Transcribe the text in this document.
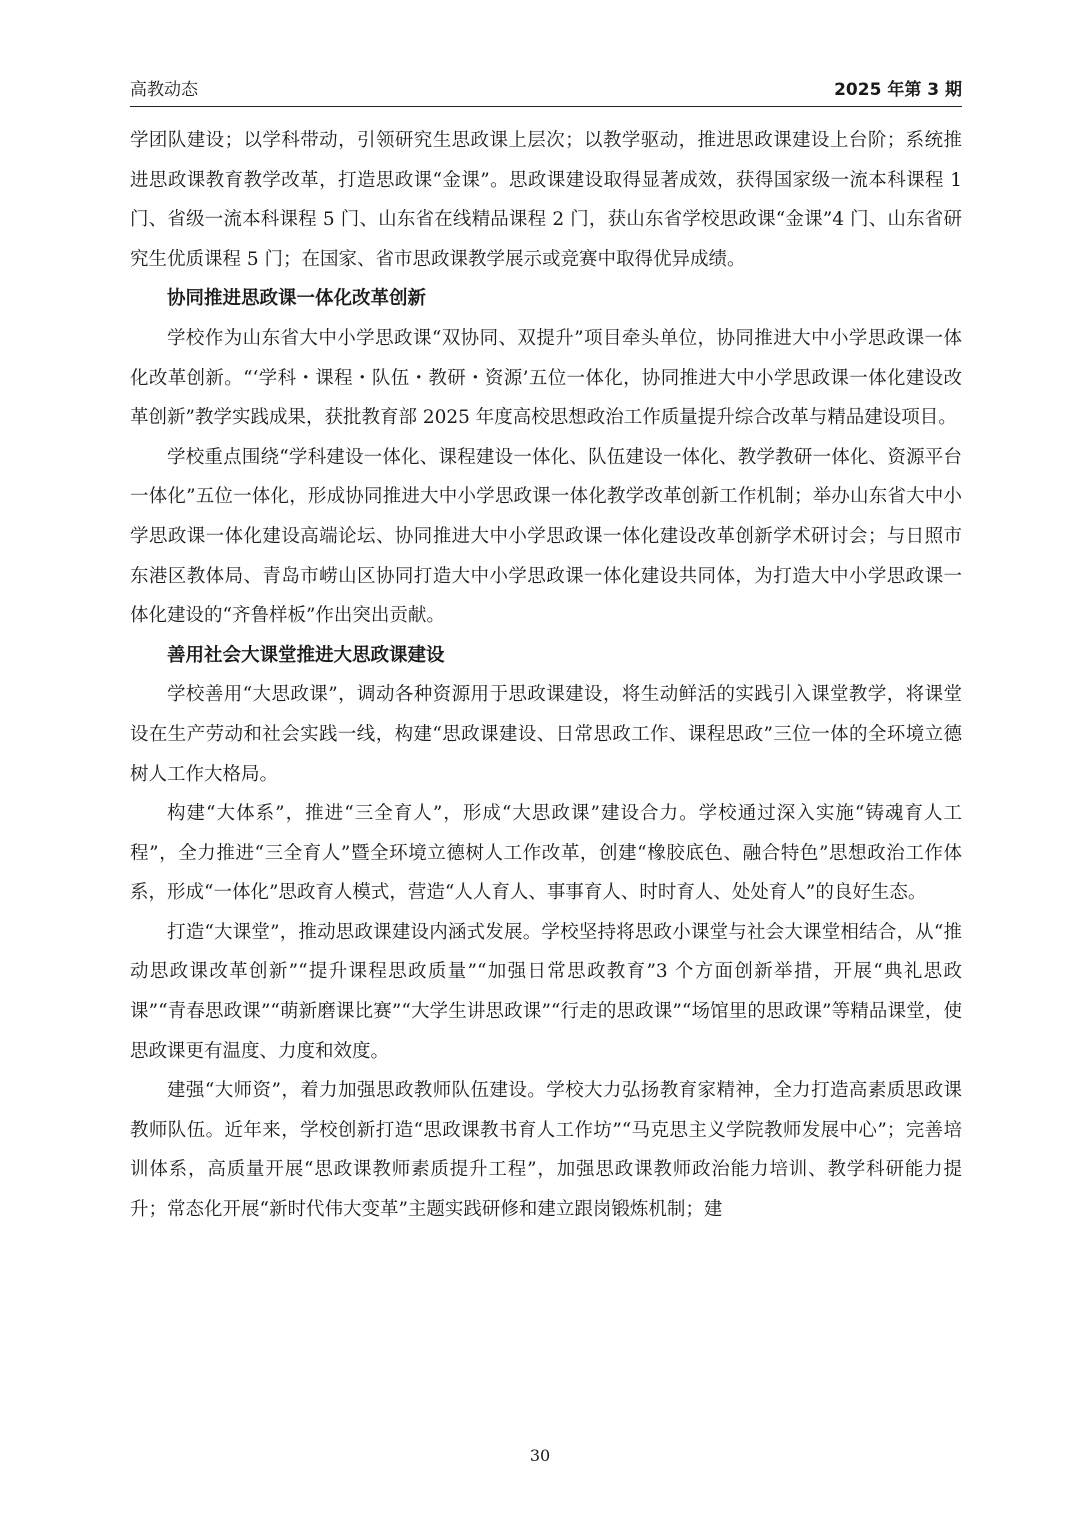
高教动态	2025 年第 3 期

学团队建设；以学科带动，引领研究生思政课上层次；以教学驱动，推进思政课建设上台阶；系统推进思政课教育教学改革，打造思政课“金课”。思政课建设取得显著成效，获得国家级一流本科课程 1 门、省级一流本科课程 5 门、山东省在线精品课程 2 门，获山东省学校思政课“金课”4 门、山东省研究生优质课程 5 门；在国家、省市思政课教学展示或竞赛中取得优异成绩。

协同推进思政课一体化改革创新

学校作为山东省大中小学思政课“双协同、双提升”项目牵头单位，协同推进大中小学思政课一体化改革创新。“‘学科・课程・队伍・教研・资源’五位一体化，协同推进大中小学思政课一体化建设改革创新”教学实践成果，获批教育部 2025 年度高校思想政治工作质量提升综合改革与精品建设项目。

学校重点围绕“学科建设一体化、课程建设一体化、队伍建设一体化、教学教研一体化、资源平台一体化”五位一体化，形成协同推进大中小学思政课一体化教学改革创新工作机制；举办山东省大中小学思政课一体化建设高端论坛、协同推进大中小学思政课一体化建设改革创新学术研讨会；与日照市东港区教体局、青岛市崂山区协同打造大中小学思政课一体化建设共同体，为打造大中小学思政课一体化建设的“齐鲁样板”作出突出贡献。

善用社会大课堂推进大思政课建设

学校善用“大思政课”，调动各种资源用于思政课建设，将生动鲜活的实践引入课堂教学，将课堂设在生产劳动和社会实践一线，构建“思政课建设、日常思政工作、课程思政”三位一体的全环境立德树人工作大格局。

构建“大体系”，推进“三全育人”，形成“大思政课”建设合力。学校通过深入实施“铸魂育人工程”，全力推进“三全育人”暨全环境立德树人工作改革，创建“橡胶底色、融合特色”思想政治工作体系，形成“一体化”思政育人模式，营造“人人育人、事事育人、时时育人、处处育人”的良好生态。

打造“大课堂”，推动思政课建设内涵式发展。学校坚持将思政小课堂与社会大课堂相结合，从“推动思政课改革创新”“提升课程思政质量”“加强日常思政教育”3 个方面创新举措，开展“典礼思政课”“青春思政课”“萌新磨课比赛”“大学生讲思政课”“行走的思政课”“场馆里的思政课”等精品课堂，使思政课更有温度、力度和效度。

建强“大师资”，着力加强思政教师队伍建设。学校大力弘扬教育家精神，全力打造高素质思政课教师队伍。近年来，学校创新打造“思政课教书育人工作坊”“马克思主义学院教师发展中心”；完善培训体系，高质量开展“思政课教师素质提升工程”，加强思政课教师政治能力培训、教学科研能力提升；常态化开展“新时代伟大变革”主题实践研修和建立跟岗锻炼机制；建

30
